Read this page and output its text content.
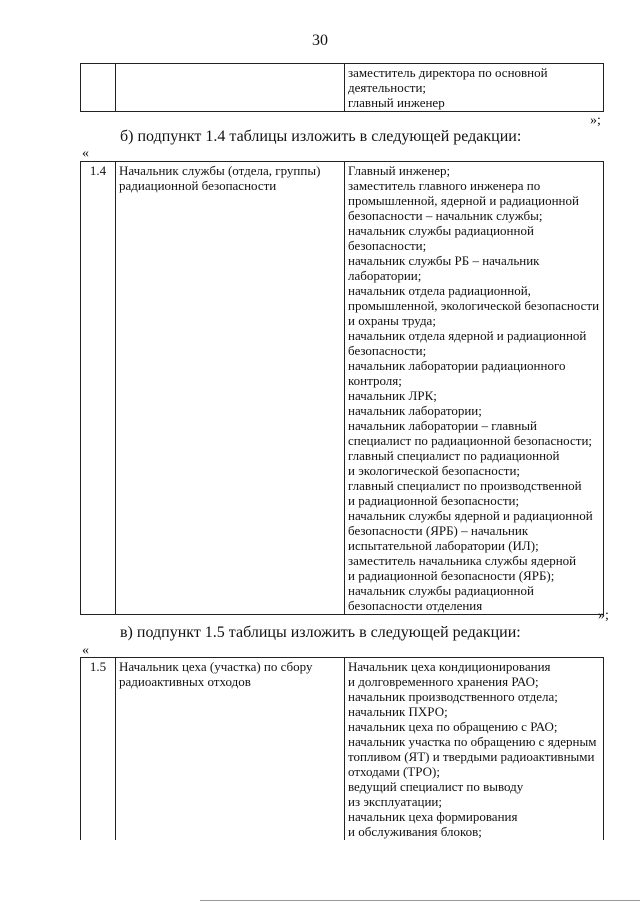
30

заместитель директора по основной
деятельности;
главный инженер
»;
б) подпункт 1.4 таблицы изложить в следующей редакции:
«
1.4	Начальник службы (отдела, группы)
радиационной безопасности

Главный инженер;
заместитель главного инженера по
промышленной, ядерной и радиационной
безопасности – начальник службы;
начальник службы радиационной
безопасности;
начальник службы РБ – начальник
лаборатории;
начальник отдела радиационной,
промышленной, экологической безопасности
и охраны труда;
начальник отдела ядерной и радиационной
безопасности;
начальник лаборатории радиационного
контроля;
начальник ЛРК;
начальник лаборатории;
начальник лаборатории – главный
специалист по радиационной безопасности;
главный специалист по радиационной
и экологической безопасности;
главный специалист по производственной
и радиационной безопасности;
начальник службы ядерной и радиационной
безопасности (ЯРБ) – начальник
испытательной лаборатории (ИЛ);
заместитель начальника службы ядерной
и радиационной безопасности (ЯРБ);
начальник службы радиационной
безопасности отделения
»;
в) подпункт 1.5 таблицы изложить в следующей редакции:
«
1.5	Начальник цеха (участка) по сбору
радиоактивных отходов

Начальник цеха кондиционирования
и долговременного хранения РАО;
начальник производственного отдела;
начальник ПХРО;
начальник цеха по обращению с РАО;
начальник участка по обращению с ядерным
топливом (ЯТ) и твердыми радиоактивными
отходами (ТРО);
ведущий специалист по выводу
из эксплуатации;
начальник цеха формирования
и обслуживания блоков;
